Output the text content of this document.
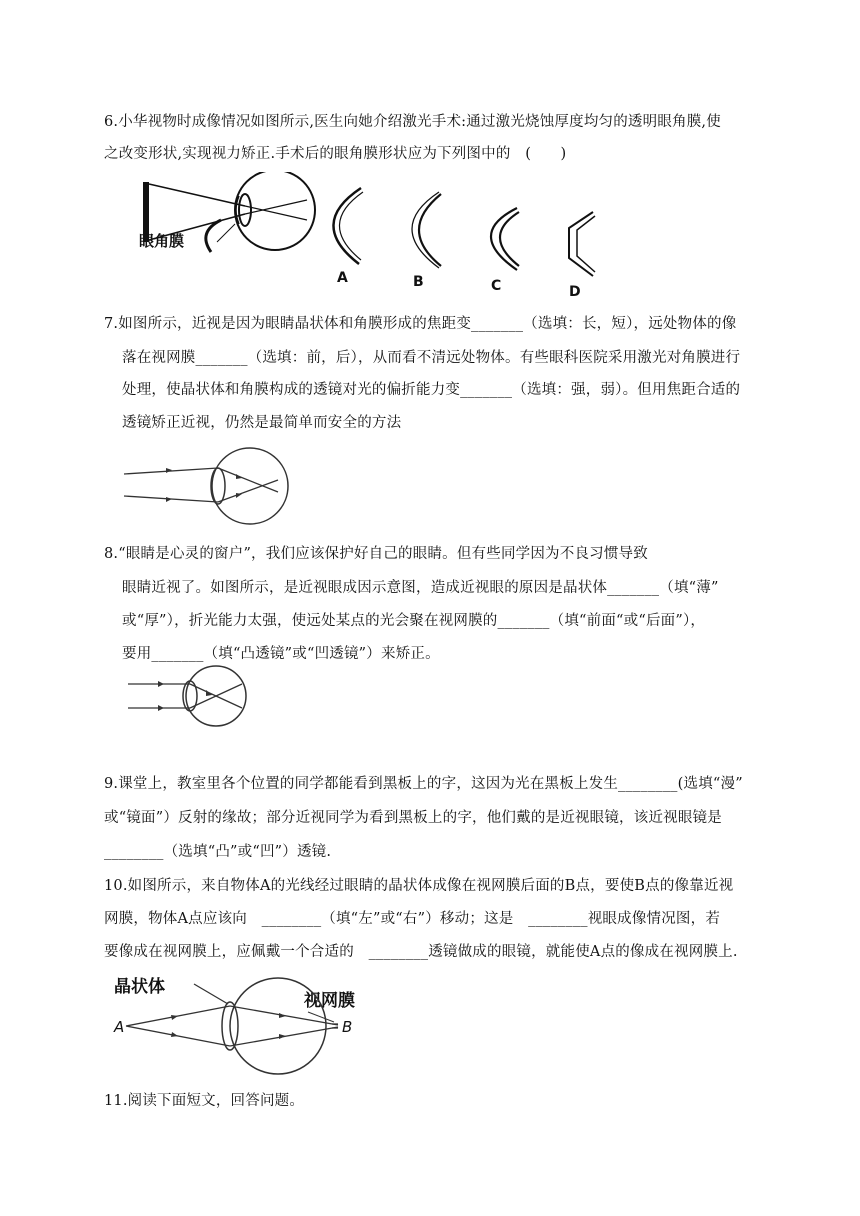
6.小华视物时成像情况如图所示,医生向她介绍激光手术:通过激光烧蚀厚度均匀的透明眼角膜,使
之改变形状,实现视力矫正.手术后的眼角膜形状应为下列图中的　(　　)
眼角膜
A	B	C	D
7.如图所示，近视是因为眼睛晶状体和角膜形成的焦距变_______（选填：长，短），远处物体的像
落在视网膜_______（选填：前，后），从而看不清远处物体。有些眼科医院采用激光对角膜进行
处理，使晶状体和角膜构成的透镜对光的偏折能力变_______（选填：强，弱）。但用焦距合适的
透镜矫正近视，仍然是最简单而安全的方法
8.“眼睛是心灵的窗户”，我们应该保护好自己的眼睛。但有些同学因为不良习惯导致
眼睛近视了。如图所示，是近视眼成因示意图，造成近视眼的原因是晶状体_______（填“薄”
或“厚”），折光能力太强，使远处某点的光会聚在视网膜的_______（填“前面“或“后面”），
要用_______（填“凸透镜”或“凹透镜”）来矫正。
9.课堂上，教室里各个位置的同学都能看到黑板上的字，这因为光在黑板上发生________(选填“漫”
或“镜面”）反射的缘故；部分近视同学为看到黑板上的字，他们戴的是近视眼镜，该近视眼镜是
________（选填“凸”或“凹”）透镜.
10.如图所示，来自物体A的光线经过眼睛的晶状体成像在视网膜后面的B点，要使B点的像靠近视
网膜，物体A点应该向　________（填“左”或“右”）移动；这是　________视眼成像情况图，若
要像成在视网膜上，应佩戴一个合适的　________透镜做成的眼镜，就能使A点的像成在视网膜上.
晶状体
视网膜
A	B
11.阅读下面短文，回答问题。
